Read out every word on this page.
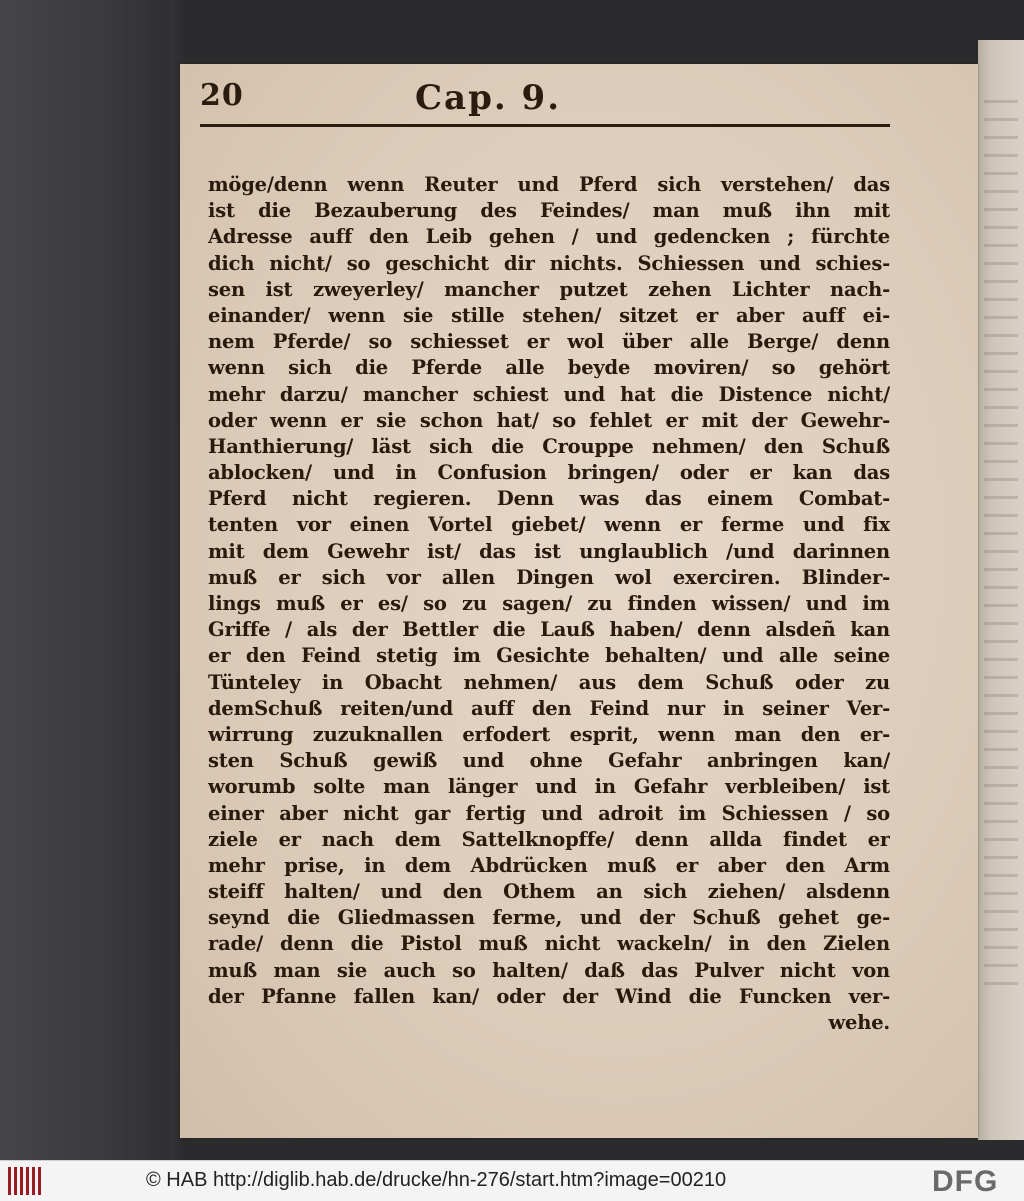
20	Cap. 9.
möge/denn wenn Reuter und Pferd sich verstehen/ das
ist die Bezauberung des Feindes/ man muß ihn mit
Adresse auff den Leib gehen / und gedencken ; fürchte
dich nicht/ so geschicht dir nichts. Schiessen und schies-
sen ist zweyerley/ mancher putzet zehen Lichter nach-
einander/ wenn sie stille stehen/ sitzet er aber auff ei-
nem Pferde/ so schiesset er wol über alle Berge/ denn
wenn sich die Pferde alle beyde moviren/ so gehört
mehr darzu/ mancher schiest und hat die Distence nicht/
oder wenn er sie schon hat/ so fehlet er mit der Gewehr-
Hanthierung/ läst sich die Crouppe nehmen/ den Schuß
ablocken/ und in Confusion bringen/ oder er kan das
Pferd nicht regieren. Denn was das einem Combat-
tenten vor einen Vortel giebet/ wenn er ferme und fix
mit dem Gewehr ist/ das ist unglaublich /und darinnen
muß er sich vor allen Dingen wol exerciren. Blinder-
lings muß er es/ so zu sagen/ zu finden wissen/ und im
Griffe / als der Bettler die Lauß haben/ denn alsdeñ kan
er den Feind stetig im Gesichte behalten/ und alle seine
Tünteley in Obacht nehmen/ aus dem Schuß oder zu
demSchuß reiten/und auff den Feind nur in seiner Ver-
wirrung zuzuknallen erfodert esprit, wenn man den er-
sten Schuß gewiß und ohne Gefahr anbringen kan/
worumb solte man länger und in Gefahr verbleiben/ ist
einer aber nicht gar fertig und adroit im Schiessen / so
ziele er nach dem Sattelknopffe/ denn allda findet er
mehr prise, in dem Abdrücken muß er aber den Arm
steiff halten/ und den Othem an sich ziehen/ alsdenn
seynd die Gliedmassen ferme, und der Schuß gehet ge-
rade/ denn die Pistol muß nicht wackeln/ in den Zielen
muß man sie auch so halten/ daß das Pulver nicht von
der Pfanne fallen kan/ oder der Wind die Funcken ver-
wehe.
© HAB http://diglib.hab.de/drucke/hn-276/start.htm?image=00210	DFG
